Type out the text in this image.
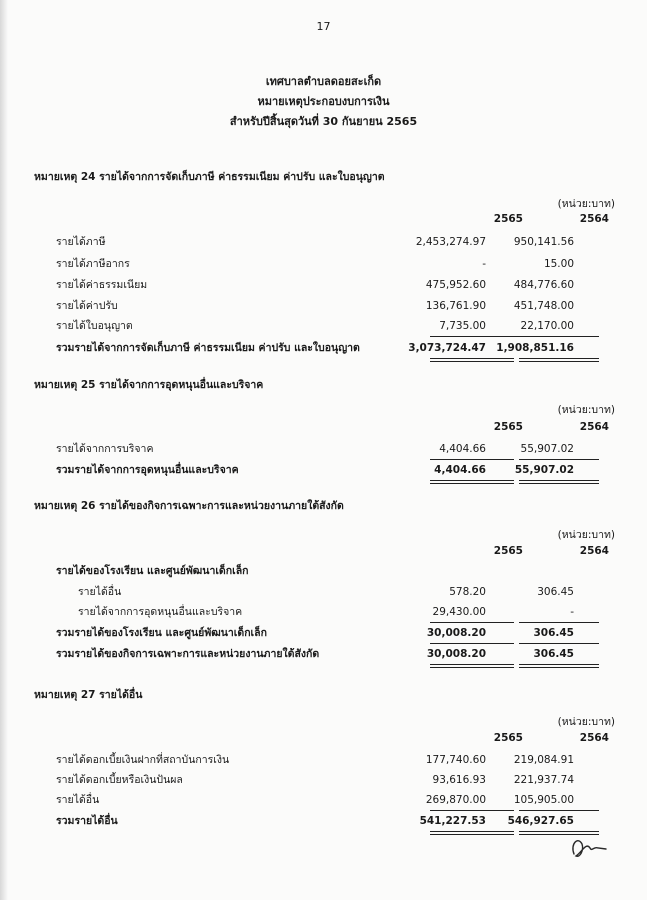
17
เทศบาลตำบลดอยสะเก็ด
หมายเหตุประกอบงบการเงิน
สำหรับปีสิ้นสุดวันที่ 30 กันยายน 2565
หมายเหตุ 24 รายได้จากการจัดเก็บภาษี ค่าธรรมเนียม ค่าปรับ และใบอนุญาต
(หน่วย:บาท)
2565	2564
รายได้ภาษี	2,453,274.97	950,141.56
รายได้ภาษีอากร	-	15.00
รายได้ค่าธรรมเนียม	475,952.60	484,776.60
รายได้ค่าปรับ	136,761.90	451,748.00
รายได้ใบอนุญาต	7,735.00	22,170.00
รวมรายได้จากการจัดเก็บภาษี ค่าธรรมเนียม ค่าปรับ และใบอนุญาต	3,073,724.47 1,908,851.16
หมายเหตุ 25 รายได้จากการอุดหนุนอื่นและบริจาค
(หน่วย:บาท)
2565	2564
รายได้จากการบริจาค	4,404.66	55,907.02
รวมรายได้จากการอุดหนุนอื่นและบริจาค	4,404.66	55,907.02
หมายเหตุ 26 รายได้ของกิจการเฉพาะการและหน่วยงานภายใต้สังกัด
(หน่วย:บาท)
2565	2564
รายได้ของโรงเรียน และศูนย์พัฒนาเด็กเล็ก
รายได้อื่น	578.20	306.45
รายได้จากการอุดหนุนอื่นและบริจาค	29,430.00	-
รวมรายได้ของโรงเรียน และศูนย์พัฒนาเด็กเล็ก	30,008.20	306.45
รวมรายได้ของกิจการเฉพาะการและหน่วยงานภายใต้สังกัด	30,008.20	306.45
หมายเหตุ 27 รายได้อื่น
(หน่วย:บาท)
2565	2564
รายได้ดอกเบี้ยเงินฝากที่สถาบันการเงิน	177,740.60	219,084.91
รายได้ดอกเบี้ยหรือเงินปันผล	93,616.93	221,937.74
รายได้อื่น	269,870.00	105,905.00
รวมรายได้อื่น	541,227.53	546,927.65
